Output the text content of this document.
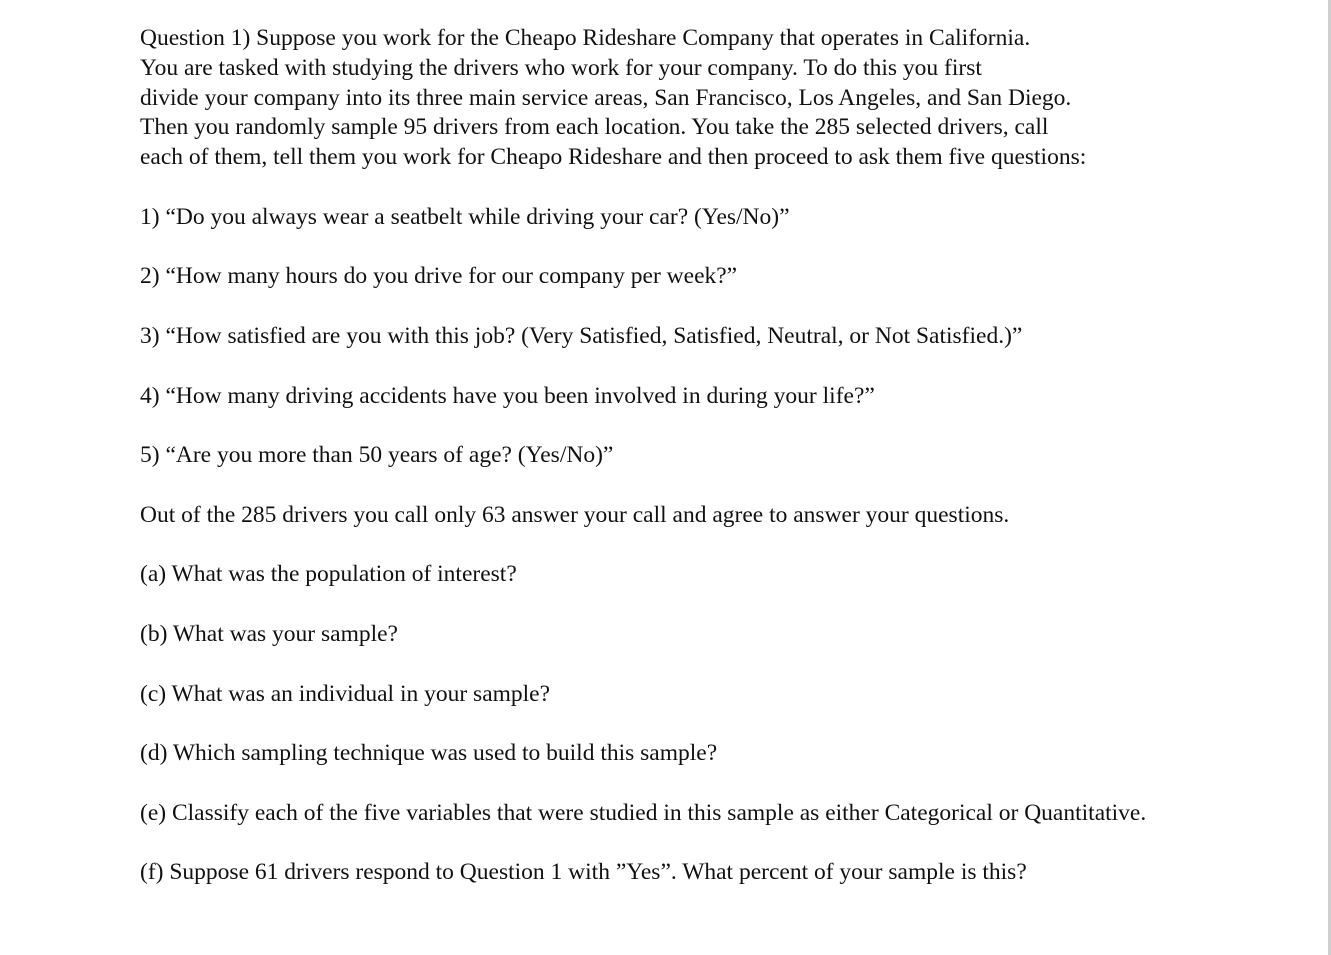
Question 1) Suppose you work for the Cheapo Rideshare Company that operates in California.
You are tasked with studying the drivers who work for your company. To do this you first
divide your company into its three main service areas, San Francisco, Los Angeles, and San Diego.
Then you randomly sample 95 drivers from each location. You take the 285 selected drivers, call
each of them, tell them you work for Cheapo Rideshare and then proceed to ask them five questions:

1) “Do you always wear a seatbelt while driving your car? (Yes/No)”

2) “How many hours do you drive for our company per week?”

3) “How satisfied are you with this job? (Very Satisfied, Satisfied, Neutral, or Not Satisfied.)”

4) “How many driving accidents have you been involved in during your life?”

5) “Are you more than 50 years of age? (Yes/No)”

Out of the 285 drivers you call only 63 answer your call and agree to answer your questions.

(a) What was the population of interest?

(b) What was your sample?

(c) What was an individual in your sample?

(d) Which sampling technique was used to build this sample?

(e) Classify each of the five variables that were studied in this sample as either Categorical or Quantitative.

(f) Suppose 61 drivers respond to Question 1 with ”Yes”. What percent of your sample is this?
